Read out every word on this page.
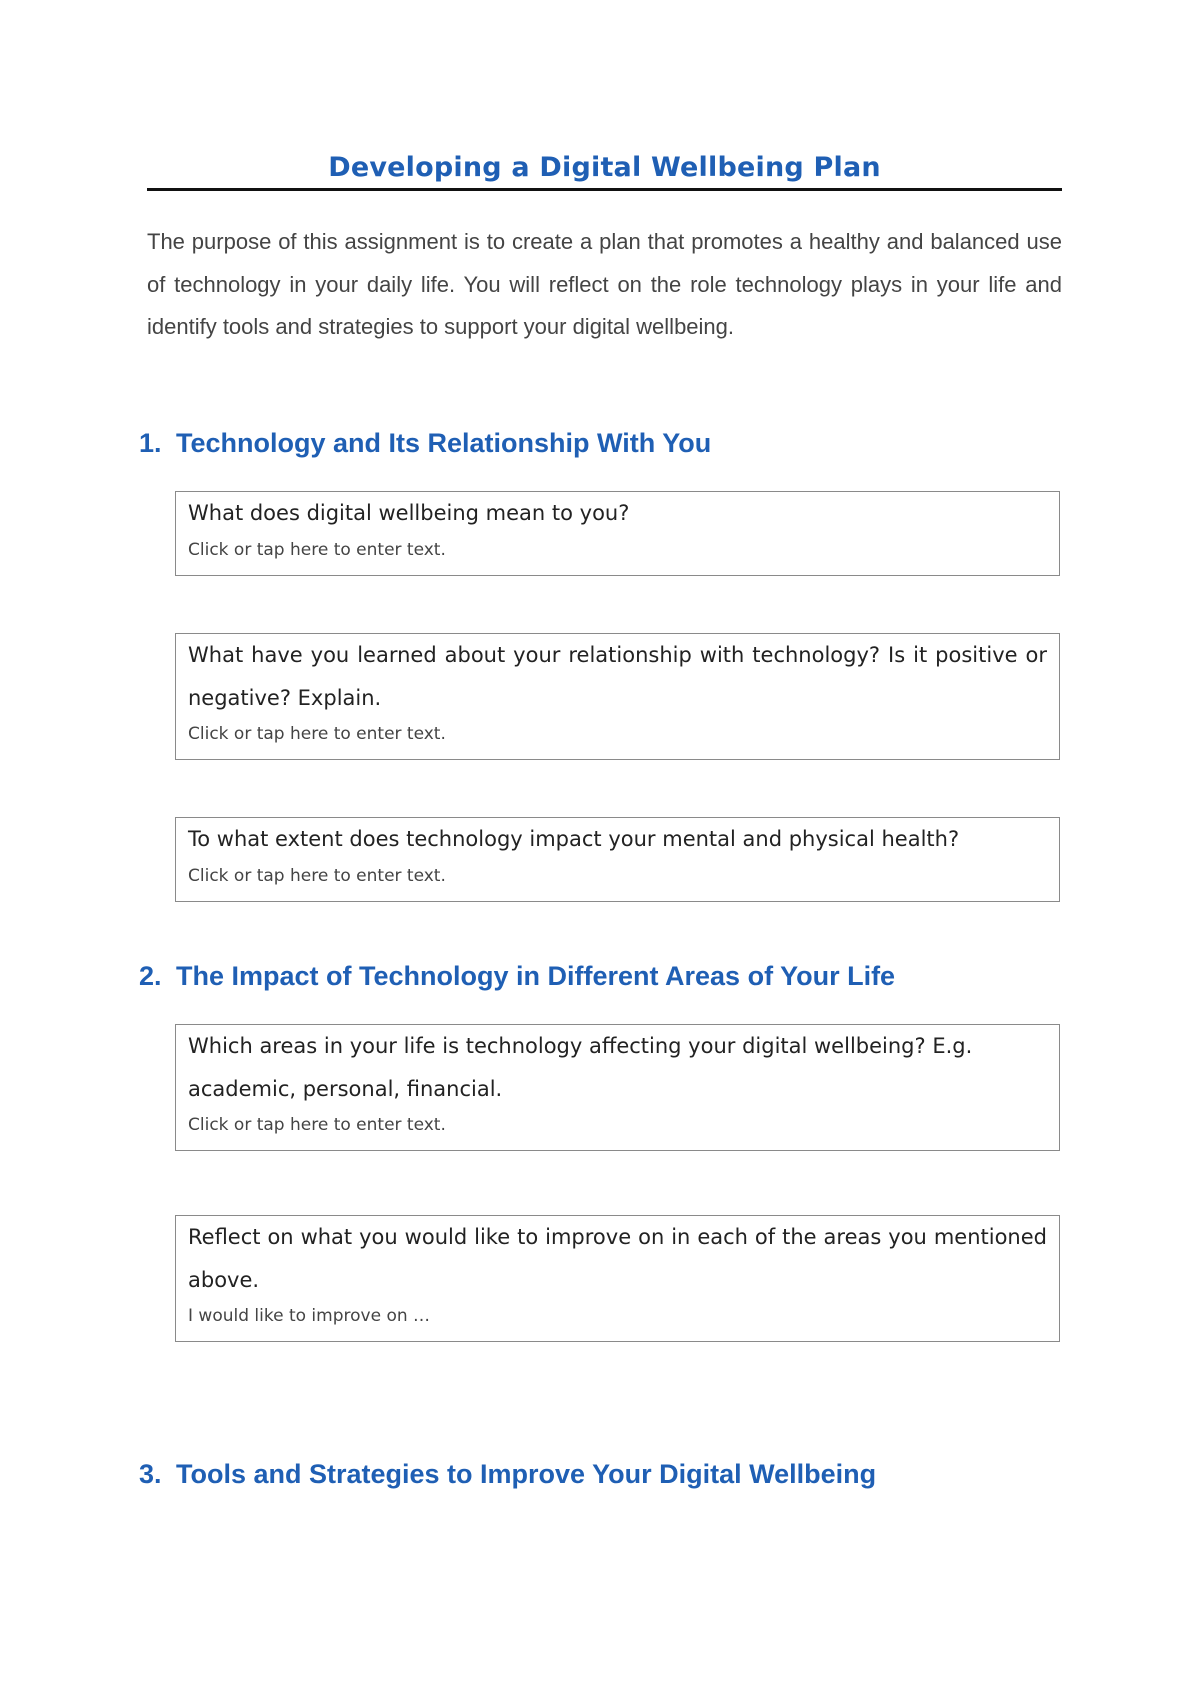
Developing a Digital Wellbeing Plan

The purpose of this assignment is to create a plan that promotes a healthy and balanced use of technology in your daily life. You will reflect on the role technology plays in your life and identify tools and strategies to support your digital wellbeing.

1. Technology and Its Relationship With You

What does digital wellbeing mean to you?

Click or tap here to enter text.

What have you learned about your relationship with technology? Is it positive or negative? Explain.

Click or tap here to enter text.

To what extent does technology impact your mental and physical health?

Click or tap here to enter text.

2. The Impact of Technology in Different Areas of Your Life

Which areas in your life is technology affecting your digital wellbeing? E.g. academic, personal, financial.

Click or tap here to enter text.

Reflect on what you would like to improve on in each of the areas you mentioned above.

I would like to improve on …

3. Tools and Strategies to Improve Your Digital Wellbeing
